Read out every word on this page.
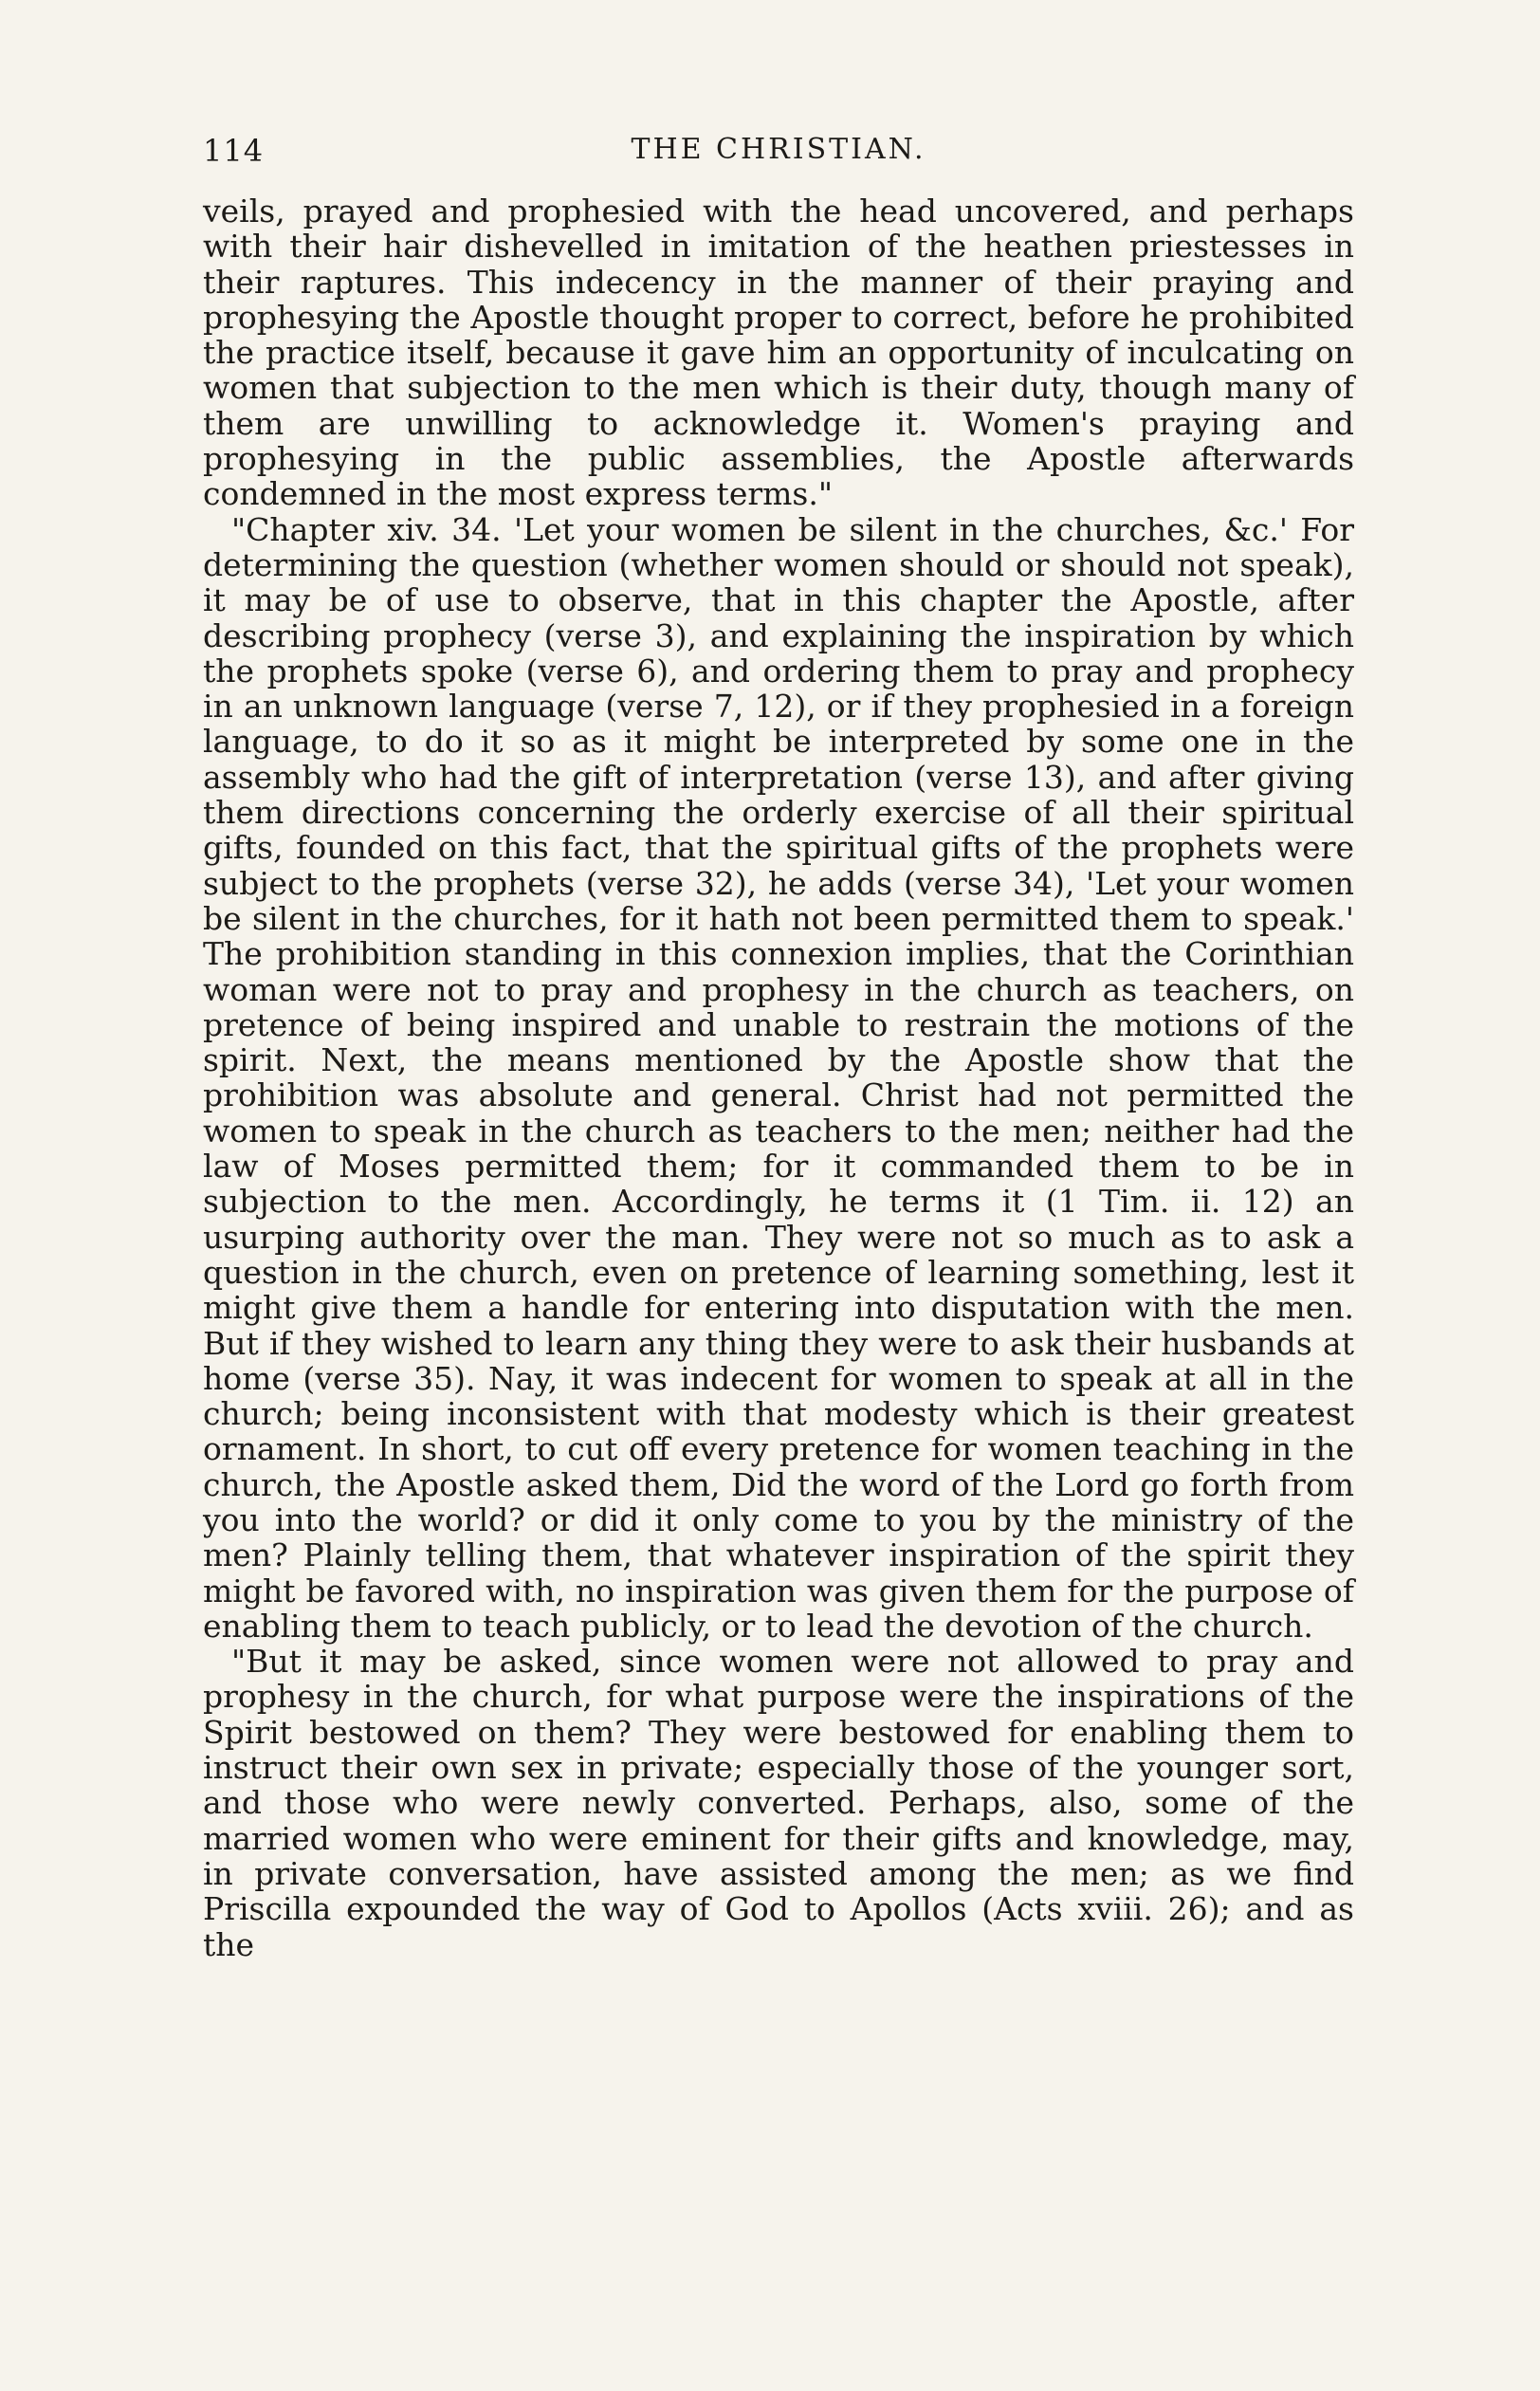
114	THE CHRISTIAN.

veils, prayed and prophesied with the head uncovered, and perhaps with their hair dishevelled in imitation of the heathen priestesses in their raptures. This indecency in the manner of their praying and prophesying the Apostle thought proper to correct, before he prohibited the practice itself, because it gave him an opportunity of inculcating on women that subjection to the men which is their duty, though many of them are unwilling to acknowledge it. Women's praying and prophesying in the public assemblies, the Apostle afterwards condemned in the most express terms."

"Chapter xiv. 34. 'Let your women be silent in the churches, &c.' For determining the question (whether women should or should not speak), it may be of use to observe, that in this chapter the Apostle, after describing prophecy (verse 3), and explaining the inspiration by which the prophets spoke (verse 6), and ordering them to pray and prophecy in an unknown language (verse 7, 12), or if they prophesied in a foreign language, to do it so as it might be interpreted by some one in the assembly who had the gift of interpretation (verse 13), and after giving them directions concerning the orderly exercise of all their spiritual gifts, founded on this fact, that the spiritual gifts of the prophets were subject to the prophets (verse 32), he adds (verse 34), 'Let your women be silent in the churches, for it hath not been permitted them to speak.' The prohibition standing in this connexion implies, that the Corinthian woman were not to pray and prophesy in the church as teachers, on pretence of being inspired and unable to restrain the motions of the spirit. Next, the means mentioned by the Apostle show that the prohibition was absolute and general. Christ had not permitted the women to speak in the church as teachers to the men; neither had the law of Moses permitted them; for it commanded them to be in subjection to the men. Accordingly, he terms it (1 Tim. ii. 12) an usurping authority over the man. They were not so much as to ask a question in the church, even on pretence of learning something, lest it might give them a handle for entering into disputation with the men. But if they wished to learn any thing they were to ask their husbands at home (verse 35). Nay, it was indecent for women to speak at all in the church; being inconsistent with that modesty which is their greatest ornament. In short, to cut off every pretence for women teaching in the church, the Apostle asked them, Did the word of the Lord go forth from you into the world? or did it only come to you by the ministry of the men? Plainly telling them, that whatever inspiration of the spirit they might be favored with, no inspiration was given them for the purpose of enabling them to teach publicly, or to lead the devotion of the church.

"But it may be asked, since women were not allowed to pray and prophesy in the church, for what purpose were the inspirations of the Spirit bestowed on them? They were bestowed for enabling them to instruct their own sex in private; especially those of the younger sort, and those who were newly converted. Perhaps, also, some of the married women who were eminent for their gifts and knowledge, may, in private conversation, have assisted among the men; as we find Priscilla expounded the way of God to Apollos (Acts xviii. 26); and as the
